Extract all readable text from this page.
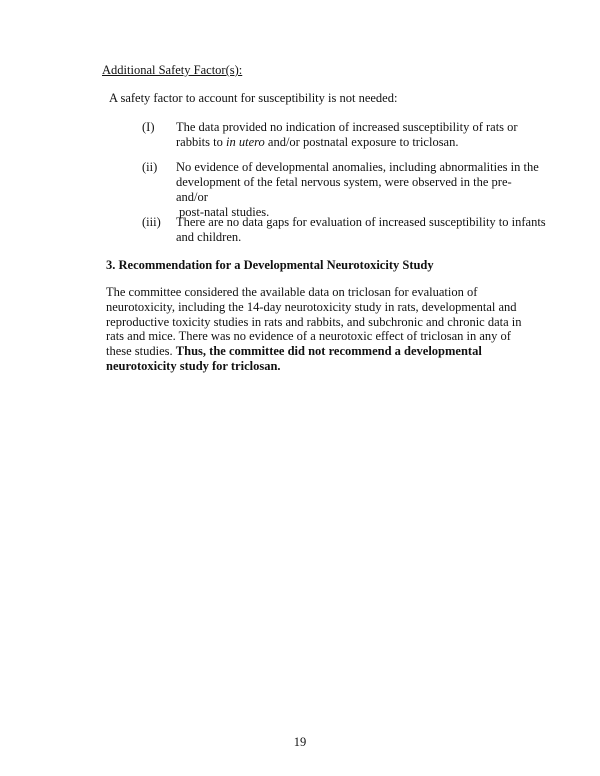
Additional Safety Factor(s):
A safety factor to account for susceptibility is not needed:
(I) The data provided no indication of increased susceptibility of rats or rabbits to in utero and/or postnatal exposure to triclosan.
(ii) No evidence of developmental anomalies, including abnormalities in the
development of the fetal nervous system, were observed in the pre- and/or
post-natal studies.
(iii) There are no data gaps for evaluation of increased susceptibility to infants and children.
3. Recommendation for a Developmental Neurotoxicity Study
The committee considered the available data on triclosan for evaluation of neurotoxicity, including the 14-day neurotoxicity study in rats, developmental and reproductive toxicity studies in rats and rabbits, and subchronic and chronic data in rats and mice. There was no evidence of a neurotoxic effect of triclosan in any of these studies. Thus, the committee did not recommend a developmental neurotoxicity study for triclosan.
19
